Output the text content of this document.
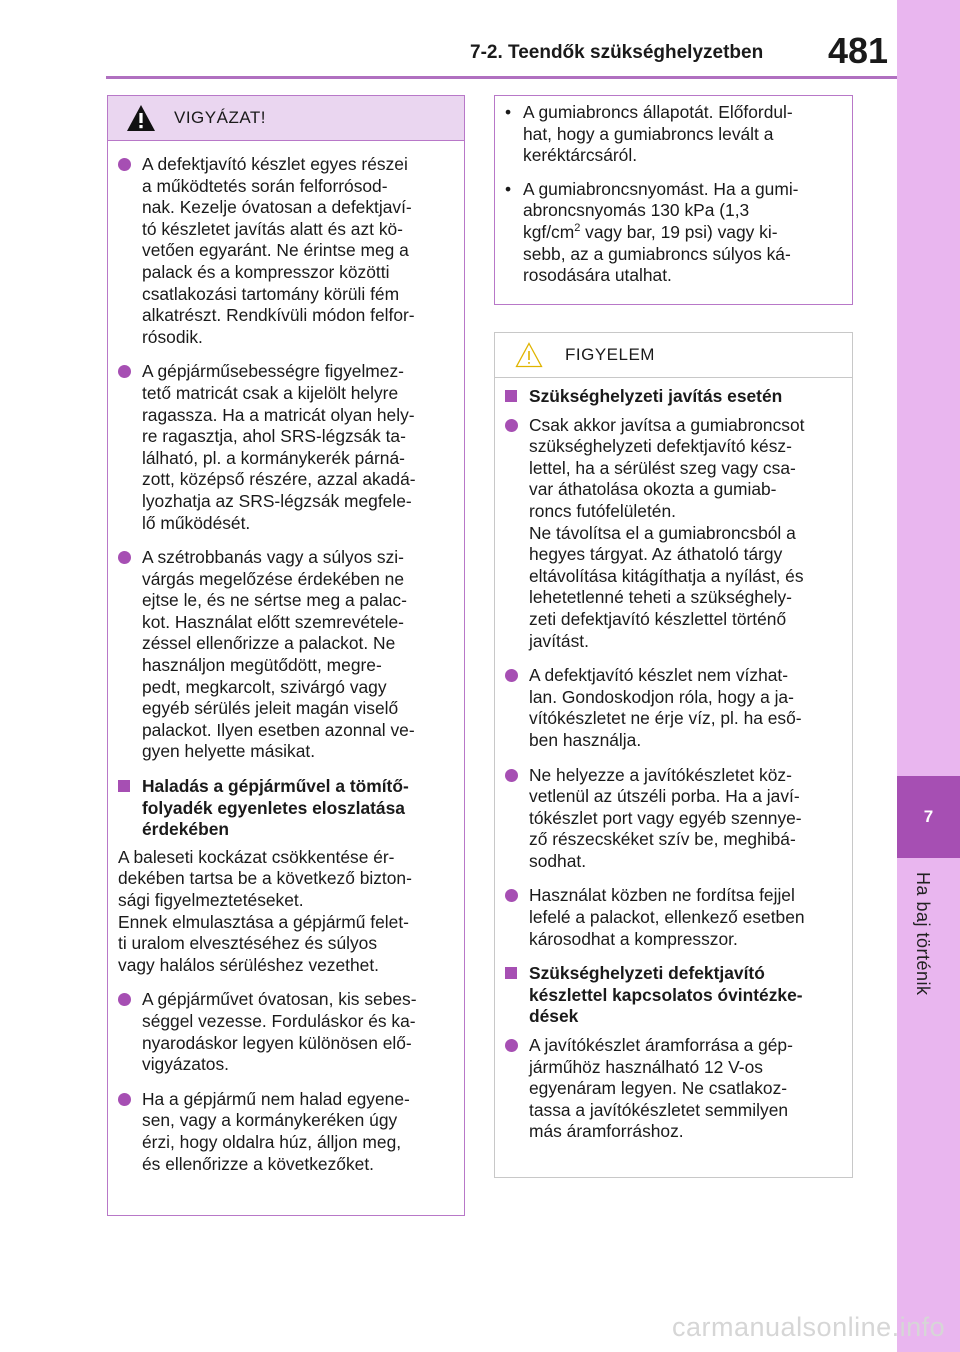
7
Ha baj történik
7-2. Teendők szükséghelyzetben 481
VIGYÁZAT!
A defektjavító készlet egyes részei
a működtetés során felforrósod-
nak. Kezelje óvatosan a defektjaví-
tó készletet javítás alatt és azt kö-
vetően egyaránt. Ne érintse meg a
palack és a kompresszor közötti
csatlakozási tartomány körüli fém
alkatrészt. Rendkívüli módon felfor-
rósodik.
A gépjárműsebességre figyelmez-
tető matricát csak a kijelölt helyre
ragassza. Ha a matricát olyan hely-
re ragasztja, ahol SRS-légzsák ta-
lálható, pl. a kormánykerék párná-
zott, középső részére, azzal akadá-
lyozhatja az SRS-légzsák megfele-
lő működését.
A szétrobbanás vagy a súlyos szi-
várgás megelőzése érdekében ne
ejtse le, és ne sértse meg a palac-
kot. Használat előtt szemrevétele-
zéssel ellenőrizze a palackot. Ne
használjon megütődött, megre-
pedt, megkarcolt, szivárgó vagy
egyéb sérülés jeleit magán viselő
palackot. Ilyen esetben azonnal ve-
gyen helyette másikat.
Haladás a gépjárművel a tömítő-
folyadék egyenletes eloszlatása
érdekében
A baleseti kockázat csökkentése ér-
dekében tartsa be a következő bizton-
sági figyelmeztetéseket.
Ennek elmulasztása a gépjármű felet-
ti uralom elvesztéséhez és súlyos
vagy halálos sérüléshez vezethet.
A gépjárművet óvatosan, kis sebes-
séggel vezesse. Forduláskor és ka-
nyarodáskor legyen különösen elő-
vigyázatos.
Ha a gépjármű nem halad egyene-
sen, vagy a kormánykeréken úgy
érzi, hogy oldalra húz, álljon meg,
és ellenőrizze a következőket.
• A gumiabroncs állapotát. Előfordul-
hat, hogy a gumiabroncs levált a
keréktárcsáról.
• A gumiabroncsnyomást. Ha a gumi-
abroncsnyomás 130 kPa (1,3
kgf/$cm^2$ vagy bar, 19 psi) vagy ki-
sebb, az a gumiabroncs súlyos ká-
rosodására utalhat.
FIGYELEM
Szükséghelyzeti javítás esetén
Csak akkor javítsa a gumiabroncsot
szükséghelyzeti defektjavító kész-
lettel, ha a sérülést szeg vagy csa-
var áthatolása okozta a gumiab-
roncs futófelületén.
Ne távolítsa el a gumiabroncsból a
hegyes tárgyat. Az áthatoló tárgy
eltávolítása kitágíthatja a nyílást, és
lehetetlenné teheti a szükséghely-
zeti defektjavító készlettel történő
javítást.
A defektjavító készlet nem vízhat-
lan. Gondoskodjon róla, hogy a ja-
vítókészletet ne érje víz, pl. ha eső-
ben használja.
Ne helyezze a javítókészletet köz-
vetlenül az útszéli porba. Ha a javí-
tókészlet port vagy egyéb szennye-
ző részecskéket szív be, meghibá-
sodhat.
Használat közben ne fordítsa fejjel
lefelé a palackot, ellenkező esetben
károsodhat a kompresszor.
Szükséghelyzeti defektjavító
készlettel kapcsolatos óvintézke-
dések
A javítókészlet áramforrása a gép-
járműhöz használható 12 V-os
egyenáram legyen. Ne csatlakoz-
tassa a javítókészletet semmilyen
más áramforráshoz.
carmanualsonline.info
